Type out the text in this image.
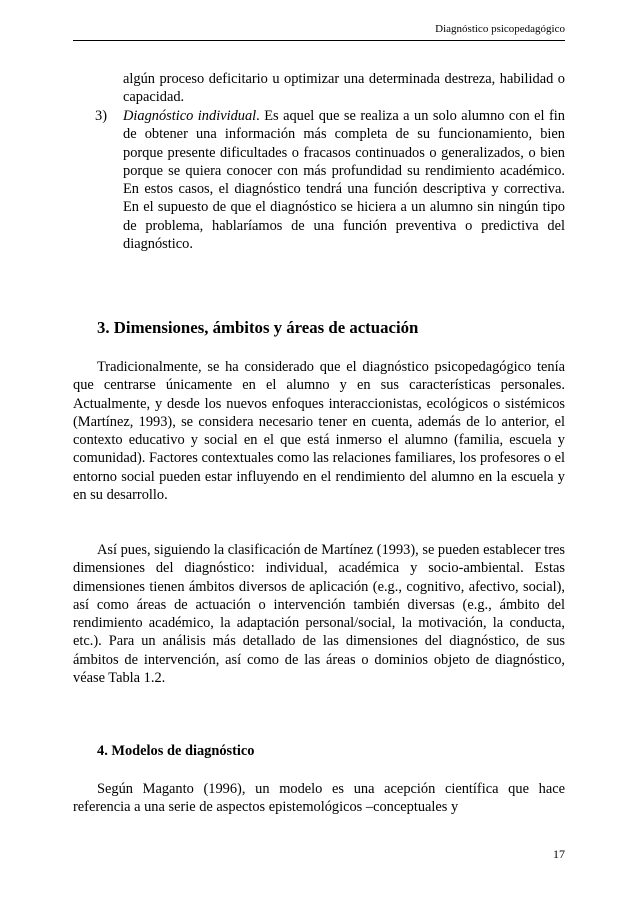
Diagnóstico psicopedagógico
algún proceso deficitario u optimizar una determinada destreza, habilidad o capacidad.
3) Diagnóstico individual. Es aquel que se realiza a un solo alumno con el fin de obtener una información más completa de su funcionamiento, bien porque presente dificultades o fracasos continuados o generalizados, o bien porque se quiera conocer con más profundidad su rendimiento académico. En estos casos, el diagnóstico tendrá una función descriptiva y correctiva. En el supuesto de que el diagnóstico se hiciera a un alumno sin ningún tipo de problema, hablaríamos de una función preventiva o predictiva del diagnóstico.
3. Dimensiones, ámbitos y áreas de actuación

Tradicionalmente, se ha considerado que el diagnóstico psicopedagógico tenía que centrarse únicamente en el alumno y en sus características personales. Actualmente, y desde los nuevos enfoques interaccionistas, ecológicos o sistémicos (Martínez, 1993), se considera necesario tener en cuenta, además de lo anterior, el contexto educativo y social en el que está inmerso el alumno (familia, escuela y comunidad). Factores contextuales como las relaciones familiares, los profesores o el entorno social pueden estar influyendo en el rendimiento del alumno en la escuela y en su desarrollo.

Así pues, siguiendo la clasificación de Martínez (1993), se pueden establecer tres dimensiones del diagnóstico: individual, académica y socio-ambiental. Estas dimensiones tienen ámbitos diversos de aplicación (e.g., cognitivo, afectivo, social), así como áreas de actuación o intervención también diversas (e.g., ámbito del rendimiento académico, la adaptación personal/social, la motivación, la conducta, etc.). Para un análisis más detallado de las dimensiones del diagnóstico, de sus ámbitos de intervención, así como de las áreas o dominios objeto de diagnóstico, véase Tabla 1.2.

4. Modelos de diagnóstico

Según Maganto (1996), un modelo es una acepción científica que hace referencia a una serie de aspectos epistemológicos –conceptuales y

17
